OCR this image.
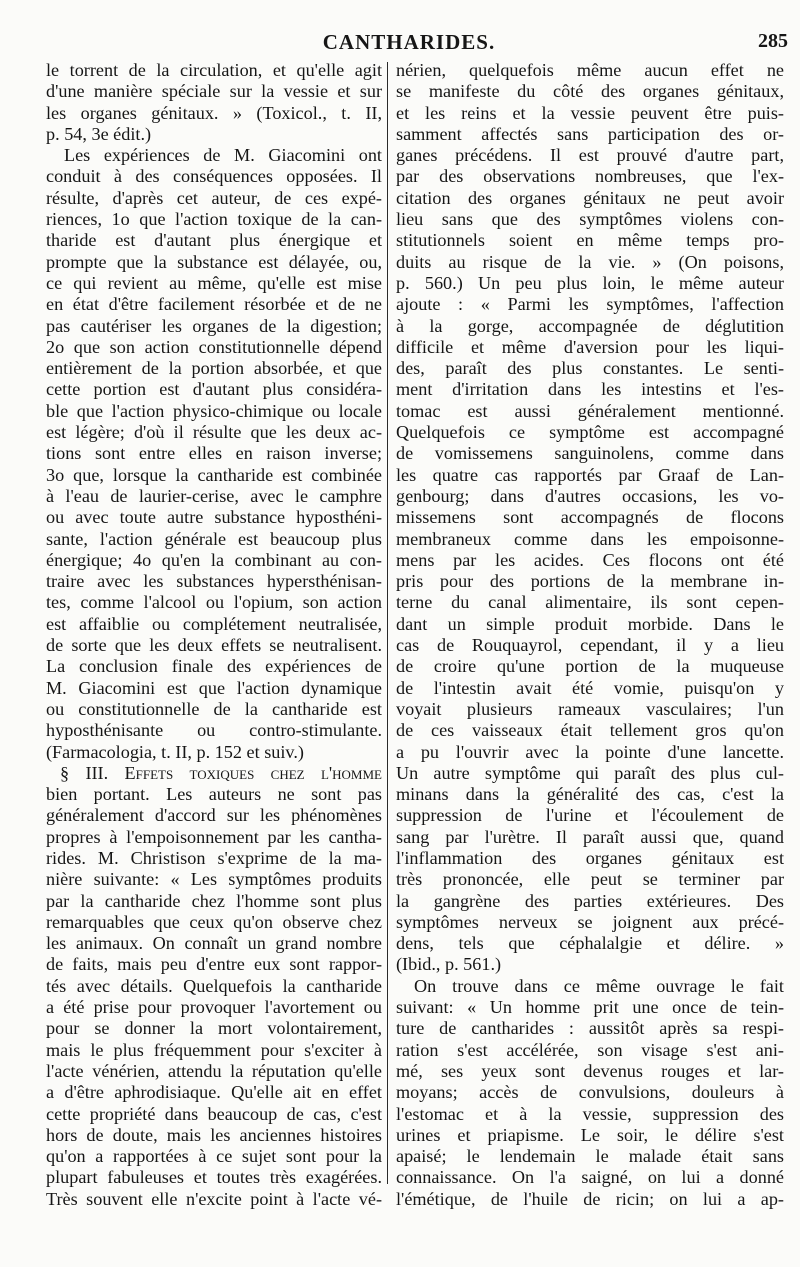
CANTHARIDES.	285
le torrent de la circulation, et qu'elle agit
d'une manière spéciale sur la vessie et sur
les organes génitaux. » (Toxicol., t. II,
p. 54, 3e édit.)
Les expériences de M. Giacomini ont
conduit à des conséquences opposées. Il
résulte, d'après cet auteur, de ces expé-
riences, 1o que l'action toxique de la can-
tharide est d'autant plus énergique et
prompte que la substance est délayée, ou,
ce qui revient au même, qu'elle est mise
en état d'être facilement résorbée et de ne
pas cautériser les organes de la digestion;
2o que son action constitutionnelle dépend
entièrement de la portion absorbée, et que
cette portion est d'autant plus considéra-
ble que l'action physico-chimique ou locale
est légère; d'où il résulte que les deux ac-
tions sont entre elles en raison inverse;
3o que, lorsque la cantharide est combinée
à l'eau de laurier-cerise, avec le camphre
ou avec toute autre substance hyposthéni-
sante, l'action générale est beaucoup plus
énergique; 4o qu'en la combinant au con-
traire avec les substances hypersthénisan-
tes, comme l'alcool ou l'opium, son action
est affaiblie ou complétement neutralisée,
de sorte que les deux effets se neutralisent.
La conclusion finale des expériences de
M. Giacomini est que l'action dynamique
ou constitutionnelle de la cantharide est
hyposthénisante ou contro-stimulante.
(Farmacologia, t. II, p. 152 et suiv.)
§ III. Effets toxiques chez l'homme
bien portant. Les auteurs ne sont pas
généralement d'accord sur les phénomènes
propres à l'empoisonnement par les cantha-
rides. M. Christison s'exprime de la ma-
nière suivante: « Les symptômes produits
par la cantharide chez l'homme sont plus
remarquables que ceux qu'on observe chez
les animaux. On connaît un grand nombre
de faits, mais peu d'entre eux sont rappor-
tés avec détails. Quelquefois la cantharide
a été prise pour provoquer l'avortement ou
pour se donner la mort volontairement,
mais le plus fréquemment pour s'exciter à
l'acte vénérien, attendu la réputation qu'elle
a d'être aphrodisiaque. Qu'elle ait en effet
cette propriété dans beaucoup de cas, c'est
hors de doute, mais les anciennes histoires
qu'on a rapportées à ce sujet sont pour la
plupart fabuleuses et toutes très exagérées.
Très souvent elle n'excite point à l'acte vé-
nérien, quelquefois même aucun effet ne
se manifeste du côté des organes génitaux,
et les reins et la vessie peuvent être puis-
samment affectés sans participation des or-
ganes précédens. Il est prouvé d'autre part,
par des observations nombreuses, que l'ex-
citation des organes génitaux ne peut avoir
lieu sans que des symptômes violens con-
stitutionnels soient en même temps pro-
duits au risque de la vie. » (On poisons,
p. 560.) Un peu plus loin, le même auteur
ajoute : « Parmi les symptômes, l'affection
à la gorge, accompagnée de déglutition
difficile et même d'aversion pour les liqui-
des, paraît des plus constantes. Le senti-
ment d'irritation dans les intestins et l'es-
tomac est aussi généralement mentionné.
Quelquefois ce symptôme est accompagné
de vomissemens sanguinolens, comme dans
les quatre cas rapportés par Graaf de Lan-
genbourg; dans d'autres occasions, les vo-
missemens sont accompagnés de flocons
membraneux comme dans les empoisonne-
mens par les acides. Ces flocons ont été
pris pour des portions de la membrane in-
terne du canal alimentaire, ils sont cepen-
dant un simple produit morbide. Dans le
cas de Rouquayrol, cependant, il y a lieu
de croire qu'une portion de la muqueuse
de l'intestin avait été vomie, puisqu'on y
voyait plusieurs rameaux vasculaires; l'un
de ces vaisseaux était tellement gros qu'on
a pu l'ouvrir avec la pointe d'une lancette.
Un autre symptôme qui paraît des plus cul-
minans dans la généralité des cas, c'est la
suppression de l'urine et l'écoulement de
sang par l'urètre. Il paraît aussi que, quand
l'inflammation des organes génitaux est
très prononcée, elle peut se terminer par
la gangrène des parties extérieures. Des
symptômes nerveux se joignent aux précé-
dens, tels que céphalalgie et délire. »
(Ibid., p. 561.)
On trouve dans ce même ouvrage le fait
suivant: « Un homme prit une once de tein-
ture de cantharides : aussitôt après sa respi-
ration s'est accélérée, son visage s'est ani-
mé, ses yeux sont devenus rouges et lar-
moyans; accès de convulsions, douleurs à
l'estomac et à la vessie, suppression des
urines et priapisme. Le soir, le délire s'est
apaisé; le lendemain le malade était sans
connaissance. On l'a saigné, on lui a donné
l'émétique, de l'huile de ricin; on lui a ap-
